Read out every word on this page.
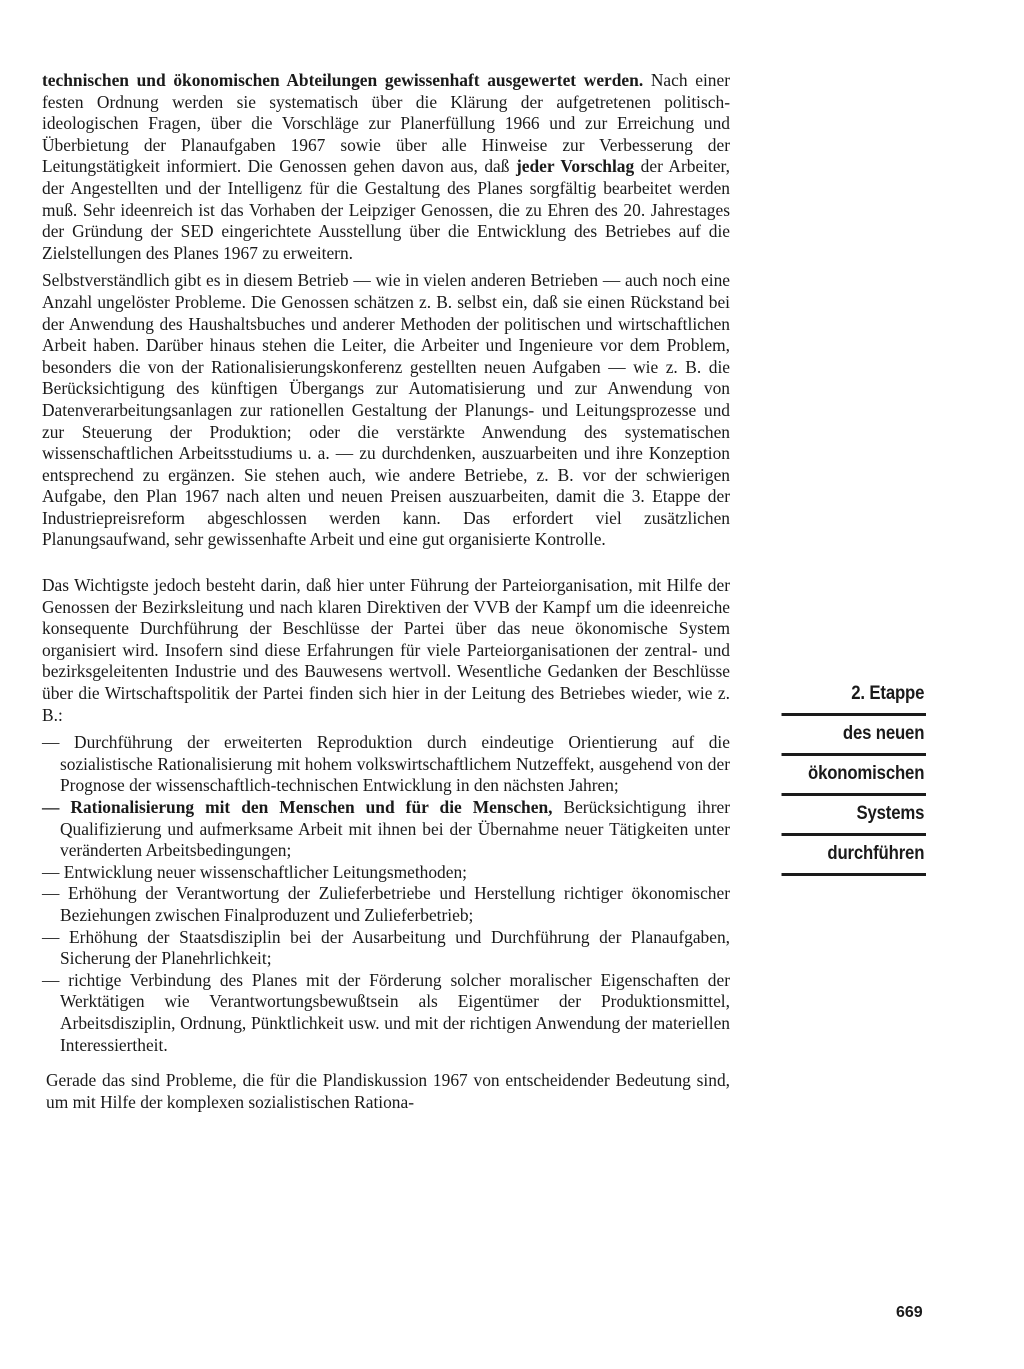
technischen und ökonomischen Abteilungen gewissenhaft ausgewertet werden. Nach einer festen Ordnung werden sie systematisch über die Klärung der aufgetretenen politisch-ideologischen Fragen, über die Vorschläge zur Planerfüllung 1966 und zur Erreichung und Überbietung der Planaufgaben 1967 sowie über alle Hinweise zur Verbesserung der Leitungstätigkeit informiert. Die Genossen gehen davon aus, daß jeder Vorschlag der Arbeiter, der Angestellten und der Intelligenz für die Gestaltung des Planes sorgfältig bearbeitet werden muß. Sehr ideenreich ist das Vorhaben der Leipziger Genossen, die zu Ehren des 20. Jahrestages der Gründung der SED eingerichtete Ausstellung über die Entwicklung des Betriebes auf die Zielstellungen des Planes 1967 zu erweitern.

Selbstverständlich gibt es in diesem Betrieb — wie in vielen anderen Betrieben — auch noch eine Anzahl ungelöster Probleme. Die Genossen schätzen z. B. selbst ein, daß sie einen Rückstand bei der Anwendung des Haushaltsbuches und anderer Methoden der politischen und wirtschaftlichen Arbeit haben. Darüber hinaus stehen die Leiter, die Arbeiter und Ingenieure vor dem Problem, besonders die von der Rationalisierungskonferenz gestellten neuen Aufgaben — wie z. B. die Berücksichtigung des künftigen Übergangs zur Automatisierung und zur Anwendung von Datenverarbeitungsanlagen zur rationellen Gestaltung der Planungs- und Leitungsprozesse und zur Steuerung der Produktion; oder die verstärkte Anwendung des systematischen wissenschaftlichen Arbeitsstudiums u. a. — zu durchdenken, auszuarbeiten und ihre Konzeption entsprechend zu ergänzen. Sie stehen auch, wie andere Betriebe, z. B. vor der schwierigen Aufgabe, den Plan 1967 nach alten und neuen Preisen auszuarbeiten, damit die 3. Etappe der Industriepreisreform abgeschlossen werden kann. Das erfordert viel zusätzlichen Planungsaufwand, sehr gewissenhafte Arbeit und eine gut organisierte Kontrolle.

Das Wichtigste jedoch besteht darin, daß hier unter Führung der Parteiorganisation, mit Hilfe der Genossen der Bezirksleitung und nach klaren Direktiven der VVB der Kampf um die ideenreiche konsequente Durchführung der Beschlüsse der Partei über das neue ökonomische System organisiert wird. Insofern sind diese Erfahrungen für viele Parteiorganisationen der zentral- und bezirksgeleitenten Industrie und des Bauwesens wertvoll. Wesentliche Gedanken der Beschlüsse über die Wirtschaftspolitik der Partei finden sich hier in der Leitung des Betriebes wieder, wie z. B.:

— Durchführung der erweiterten Reproduktion durch eindeutige Orientierung auf die sozialistische Rationalisierung mit hohem volkswirtschaftlichem Nutzeffekt, ausgehend von der Prognose der wissenschaftlich-technischen Entwicklung in den nächsten Jahren;

— Rationalisierung mit den Menschen und für die Menschen, Berücksichtigung ihrer Qualifizierung und aufmerksame Arbeit mit ihnen bei der Übernahme neuer Tätigkeiten unter veränderten Arbeitsbedingungen;

— Entwicklung neuer wissenschaftlicher Leitungsmethoden;

— Erhöhung der Verantwortung der Zulieferbetriebe und Herstellung richtiger ökonomischer Beziehungen zwischen Finalproduzent und Zulieferbetrieb;

— Erhöhung der Staatsdisziplin bei der Ausarbeitung und Durchführung der Planaufgaben, Sicherung der Planehrlichkeit;

— richtige Verbindung des Planes mit der Förderung solcher moralischer Eigenschaften der Werktätigen wie Verantwortungsbewußtsein als Eigentümer der Produktionsmittel, Arbeitsdisziplin, Ordnung, Pünktlichkeit usw. und mit der richtigen Anwendung der materiellen Interessiertheit.

Gerade das sind Probleme, die für die Plandiskussion 1967 von entscheidender Bedeutung sind, um mit Hilfe der komplexen sozialistischen Rationa-

2. Etappe
des neuen
ökonomischen
Systems
durchführen
669
